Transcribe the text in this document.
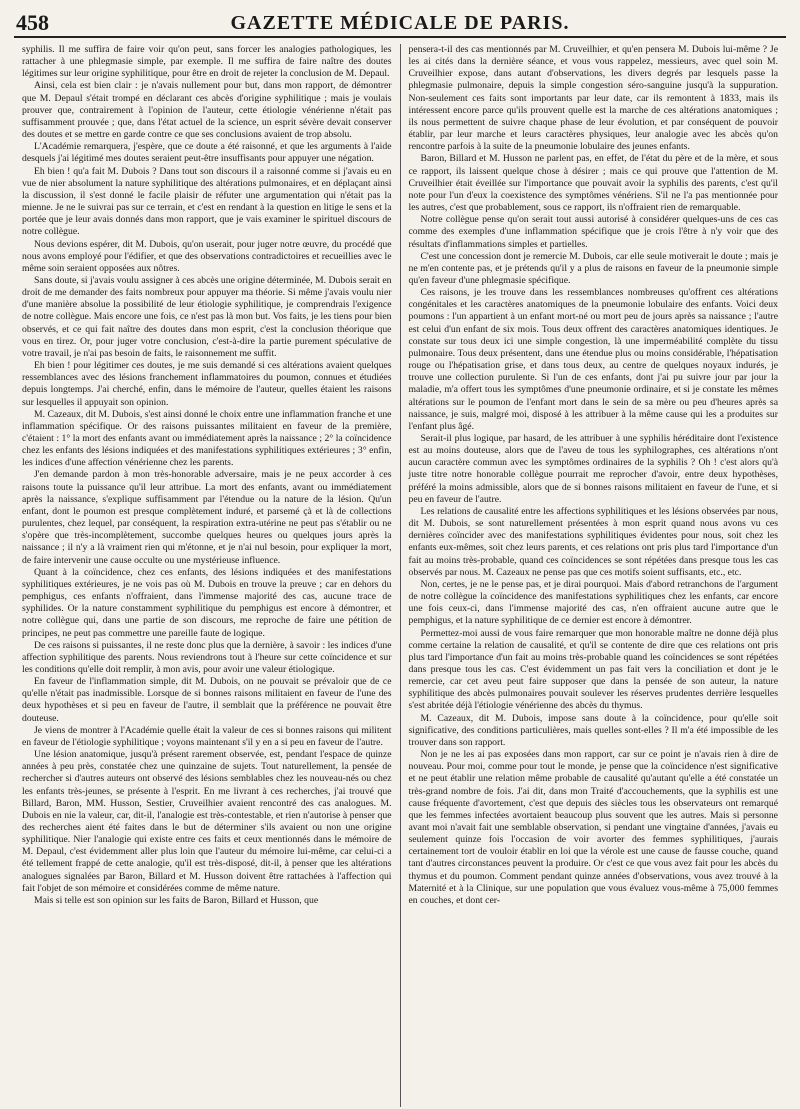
458	GAZETTE MÉDICALE DE PARIS.

syphilis. Il me suffira de faire voir qu'on peut, sans forcer les analogies pathologiques, les rattacher à une phlegmasie simple, par exemple. Il me suffira de faire naître des doutes légitimes sur leur origine syphilitique, pour être en droit de rejeter la conclusion de M. Depaul.

Ainsi, cela est bien clair : je n'avais nullement pour but, dans mon rapport, de démontrer que M. Depaul s'était trompé en déclarant ces abcès d'origine syphilitique ; mais je voulais prouver que, contrairement à l'opinion de l'auteur, cette étiologie vénérienne n'était pas suffisamment prouvée ; que, dans l'état actuel de la science, un esprit sévère devait conserver des doutes et se mettre en garde contre ce que ses conclusions avaient de trop absolu.

L'Académie remarquera, j'espère, que ce doute a été raisonné, et que les arguments à l'aide desquels j'ai légitimé mes doutes seraient peut-être insuffisants pour appuyer une négation.

Eh bien ! qu'a fait M. Dubois ? Dans tout son discours il a raisonné comme si j'avais eu en vue de nier absolument la nature syphilitique des altérations pulmonaires, et en déplaçant ainsi la discussion, il s'est donné le facile plaisir de réfuter une argumentation qui n'était pas la mienne. Je ne le suivrai pas sur ce terrain, et c'est en rendant à la question en litige le sens et la portée que je leur avais donnés dans mon rapport, que je vais examiner le spirituel discours de notre collègue.

Nous devions espérer, dit M. Dubois, qu'on userait, pour juger notre œuvre, du procédé que nous avons employé pour l'édifier, et que des observations contradictoires et recueillies avec le même soin seraient opposées aux nôtres.

Sans doute, si j'avais voulu assigner à ces abcès une origine déterminée, M. Dubois serait en droit de me demander des faits nombreux pour appuyer ma théorie. Si même j'avais voulu nier d'une manière absolue la possibilité de leur étiologie syphilitique, je comprendrais l'exigence de notre collègue. Mais encore une fois, ce n'est pas là mon but. Vos faits, je les tiens pour bien observés, et ce qui fait naître des doutes dans mon esprit, c'est la conclusion théorique que vous en tirez. Or, pour juger votre conclusion, c'est-à-dire la partie purement spéculative de votre travail, je n'ai pas besoin de faits, le raisonnement me suffit.

Eh bien ! pour légitimer ces doutes, je me suis demandé si ces altérations avaient quelques ressemblances avec des lésions franchement inflammatoires du poumon, connues et étudiées depuis longtemps. J'ai cherché, enfin, dans le mémoire de l'auteur, quelles étaient les raisons sur lesquelles il appuyait son opinion.

M. Cazeaux, dit M. Dubois, s'est ainsi donné le choix entre une inflammation franche et une inflammation spécifique. Or des raisons puissantes militaient en faveur de la première, c'étaient : 1° la mort des enfants avant ou immédiatement après la naissance ; 2° la coïncidence chez les enfants des lésions indiquées et des manifestations syphilitiques extérieures ; 3° enfin, les indices d'une affection vénérienne chez les parents.

J'en demande pardon à mon très-honorable adversaire, mais je ne peux accorder à ces raisons toute la puissance qu'il leur attribue. La mort des enfants, avant ou immédiatement après la naissance, s'explique suffisamment par l'étendue ou la nature de la lésion. Qu'un enfant, dont le poumon est presque complètement induré, et parsemé çà et là de collections purulentes, chez lequel, par conséquent, la respiration extra-utérine ne peut pas s'établir ou ne s'opère que très-incomplètement, succombe quelques heures ou quelques jours après la naissance ; il n'y a là vraiment rien qui m'étonne, et je n'ai nul besoin, pour expliquer la mort, de faire intervenir une cause occulte ou une mystérieuse influence.

Quant à la coïncidence, chez ces enfants, des lésions indiquées et des manifestations syphilitiques extérieures, je ne vois pas où M. Dubois en trouve la preuve ; car en dehors du pemphigus, ces enfants n'offraient, dans l'immense majorité des cas, aucune trace de syphilides. Or la nature constamment syphilitique du pemphigus est encore à démontrer, et notre collègue qui, dans une partie de son discours, me reproche de faire une pétition de principes, ne peut pas commettre une pareille faute de logique.

De ces raisons si puissantes, il ne reste donc plus que la dernière, à savoir : les indices d'une affection syphilitique des parents. Nous reviendrons tout à l'heure sur cette coïncidence et sur les conditions qu'elle doit remplir, à mon avis, pour avoir une valeur étiologique.

En faveur de l'inflammation simple, dit M. Dubois, on ne pouvait se prévaloir que de ce qu'elle n'était pas inadmissible. Lorsque de si bonnes raisons militaient en faveur de l'une des deux hypothèses et si peu en faveur de l'autre, il semblait que la préférence ne pouvait être douteuse.

Je viens de montrer à l'Académie quelle était la valeur de ces si bonnes raisons qui militent en faveur de l'étiologie syphilitique ; voyons maintenant s'il y en a si peu en faveur de l'autre.

Une lésion anatomique, jusqu'à présent rarement observée, est, pendant l'espace de quinze années à peu près, constatée chez une quinzaine de sujets. Tout naturellement, la pensée de rechercher si d'autres auteurs ont observé des lésions semblables chez les nouveau-nés ou chez les enfants très-jeunes, se présente à l'esprit. En me livrant à ces recherches, j'ai trouvé que Billard, Baron, MM. Husson, Sestier, Cruveilhier avaient rencontré des cas analogues. M. Dubois en nie la valeur, car, dit-il, l'analogie est très-contestable, et rien n'autorise à penser que des recherches aient été faites dans le but de déterminer s'ils avaient ou non une origine syphilitique. Nier l'analogie qui existe entre ces faits et ceux mentionnés dans le mémoire de M. Depaul, c'est évidemment aller plus loin que l'auteur du mémoire lui-même, car celui-ci a été tellement frappé de cette analogie, qu'il est très-disposé, dit-il, à penser que les altérations analogues signalées par Baron, Billard et M. Husson doivent être rattachées à l'affection qui fait l'objet de son mémoire et considérées comme de même nature.

Mais si telle est son opinion sur les faits de Baron, Billard et Husson, que

pensera-t-il des cas mentionnés par M. Cruveilhier, et qu'en pensera M. Dubois lui-même ? Je les ai cités dans la dernière séance, et vous vous rappelez, messieurs, avec quel soin M. Cruveilhier expose, dans autant d'observations, les divers degrés par lesquels passe la phlegmasie pulmonaire, depuis la simple congestion séro-sanguine jusqu'à la suppuration. Non-seulement ces faits sont importants par leur date, car ils remontent à 1833, mais ils intéressent encore parce qu'ils prouvent quelle est la marche de ces altérations anatomiques ; ils nous permettent de suivre chaque phase de leur évolution, et par conséquent de pouvoir établir, par leur marche et leurs caractères physiques, leur analogie avec les abcès qu'on rencontre parfois à la suite de la pneumonie lobulaire des jeunes enfants.

Baron, Billard et M. Husson ne parlent pas, en effet, de l'état du père et de la mère, et sous ce rapport, ils laissent quelque chose à désirer ; mais ce qui prouve que l'attention de M. Cruveilhier était éveillée sur l'importance que pouvait avoir la syphilis des parents, c'est qu'il note pour l'un d'eux la coexistence des symptômes vénériens. S'il ne l'a pas mentionnée pour les autres, c'est que probablement, sous ce rapport, ils n'offraient rien de remarquable.

Notre collègue pense qu'on serait tout aussi autorisé à considérer quelques-uns de ces cas comme des exemples d'une inflammation spécifique que je crois l'être à n'y voir que des résultats d'inflammations simples et partielles.

C'est une concession dont je remercie M. Dubois, car elle seule motiverait le doute ; mais je ne m'en contente pas, et je prétends qu'il y a plus de raisons en faveur de la pneumonie simple qu'en faveur d'une phlegmasie spécifique.

Ces raisons, je les trouve dans les ressemblances nombreuses qu'offrent ces altérations congénitales et les caractères anatomiques de la pneumonie lobulaire des enfants. Voici deux poumons : l'un appartient à un enfant mort-né ou mort peu de jours après sa naissance ; l'autre est celui d'un enfant de six mois. Tous deux offrent des caractères anatomiques identiques. Je constate sur tous deux ici une simple congestion, là une imperméabilité complète du tissu pulmonaire. Tous deux présentent, dans une étendue plus ou moins considérable, l'hépatisation rouge ou l'hépatisation grise, et dans tous deux, au centre de quelques noyaux indurés, je trouve une collection purulente. Si l'un de ces enfants, dont j'ai pu suivre jour par jour la maladie, m'a offert tous les symptômes d'une pneumonie ordinaire, et si je constate les mêmes altérations sur le poumon de l'enfant mort dans le sein de sa mère ou peu d'heures après sa naissance, je suis, malgré moi, disposé à les attribuer à la même cause qui les a produites sur l'enfant plus âgé.

Serait-il plus logique, par hasard, de les attribuer à une syphilis héréditaire dont l'existence est au moins douteuse, alors que de l'aveu de tous les syphilographes, ces altérations n'ont aucun caractère commun avec les symptômes ordinaires de la syphilis ? Oh ! c'est alors qu'à juste titre notre honorable collègue pourrait me reprocher d'avoir, entre deux hypothèses, préféré la moins admissible, alors que de si bonnes raisons militaient en faveur de l'une, et si peu en faveur de l'autre.

Les relations de causalité entre les affections syphilitiques et les lésions observées par nous, dit M. Dubois, se sont naturellement présentées à mon esprit quand nous avons vu ces dernières coïncider avec des manifestations syphilitiques évidentes pour nous, soit chez les enfants eux-mêmes, soit chez leurs parents, et ces relations ont pris plus tard l'importance d'un fait au moins très-probable, quand ces coïncidences se sont répétées dans presque tous les cas observés par nous. M. Cazeaux ne pense pas que ces motifs soient suffisants, etc., etc.

Non, certes, je ne le pense pas, et je dirai pourquoi. Mais d'abord retranchons de l'argument de notre collègue la coïncidence des manifestations syphilitiques chez les enfants, car encore une fois ceux-ci, dans l'immense majorité des cas, n'en offraient aucune autre que le pemphigus, et la nature syphilitique de ce dernier est encore à démontrer.

Permettez-moi aussi de vous faire remarquer que mon honorable maître ne donne déjà plus comme certaine la relation de causalité, et qu'il se contente de dire que ces relations ont pris plus tard l'importance d'un fait au moins très-probable quand les coïncidences se sont répétées dans presque tous les cas. C'est évidemment un pas fait vers la conciliation et dont je le remercie, car cet aveu peut faire supposer que dans la pensée de son auteur, la nature syphilitique des abcès pulmonaires pouvait soulever les réserves prudentes derrière lesquelles s'est abritée déjà l'étiologie vénérienne des abcès du thymus.

M. Cazeaux, dit M. Dubois, impose sans doute à la coïncidence, pour qu'elle soit significative, des conditions particulières, mais quelles sont-elles ? Il m'a été impossible de les trouver dans son rapport.

Non je ne les ai pas exposées dans mon rapport, car sur ce point je n'avais rien à dire de nouveau. Pour moi, comme pour tout le monde, je pense que la coïncidence n'est significative et ne peut établir une relation même probable de causalité qu'autant qu'elle a été constatée un très-grand nombre de fois. J'ai dit, dans mon Traité d'accouchements, que la syphilis est une cause fréquente d'avortement, c'est que depuis des siècles tous les observateurs ont remarqué que les femmes infectées avortaient beaucoup plus souvent que les autres. Mais si personne avant moi n'avait fait une semblable observation, si pendant une vingtaine d'années, j'avais eu seulement quinze fois l'occasion de voir avorter des femmes syphilitiques, j'aurais certainement tort de vouloir établir en loi que la vérole est une cause de fausse couche, quand tant d'autres circonstances peuvent la produire. Or c'est ce que vous avez fait pour les abcès du thymus et du poumon. Comment pendant quinze années d'observations, vous avez trouvé à la Maternité et à la Clinique, sur une population que vous évaluez vous-même à 75,000 femmes en couches, et dont cer-
